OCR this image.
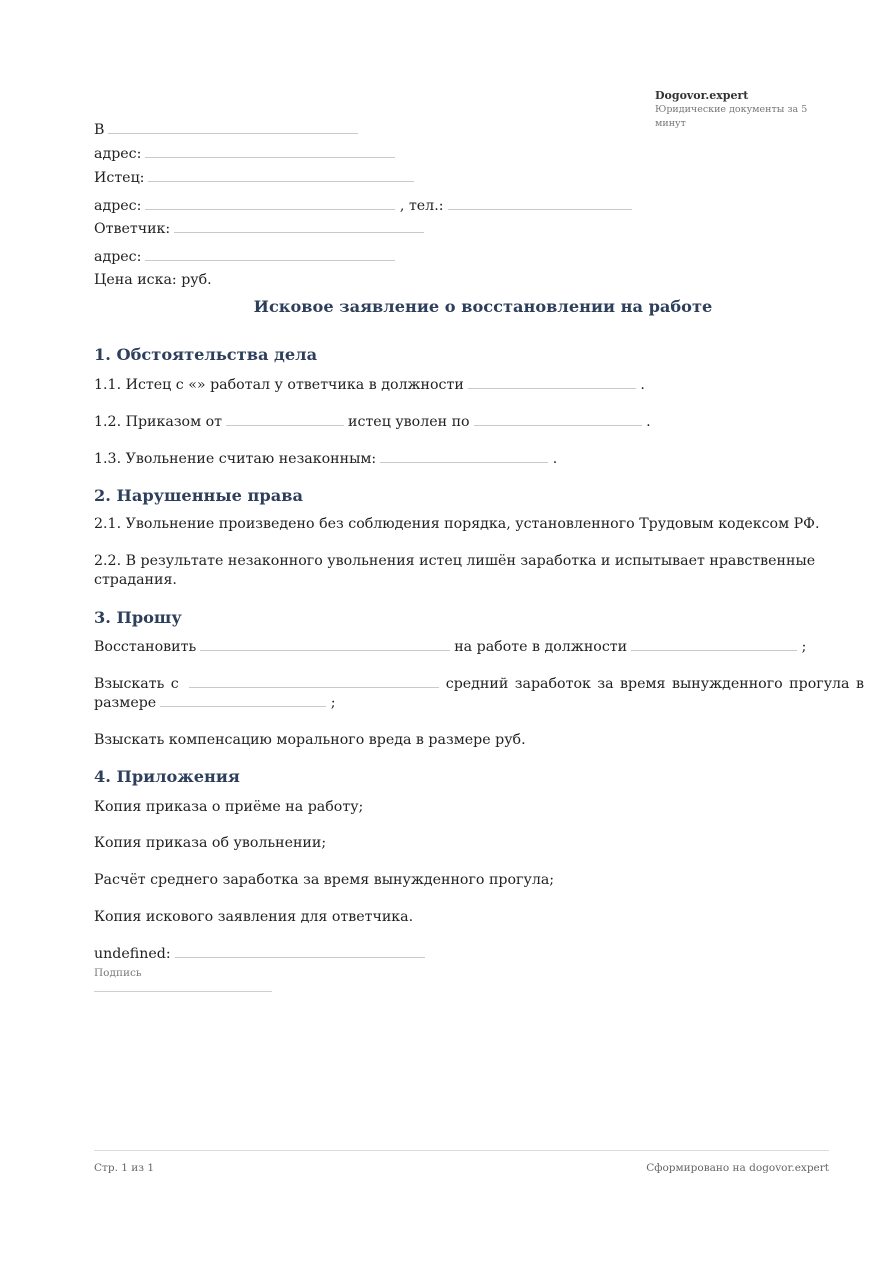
Dogovor.expert
Юридические документы за 5 минут
В
адрес:
Истец:
адрес:	, тел.:
Ответчик:
адрес:
Цена иска: руб.
Исковое заявление о восстановлении на работе
1. Обстоятельства дела
1.1. Истец с «» работал у ответчика в должности	.
1.2. Приказом от	истец уволен по	.
1.3. Увольнение считаю незаконным:	.
2. Нарушенные права
2.1. Увольнение произведено без соблюдения порядка, установленного Трудовым кодексом РФ.
2.2. В результате незаконного увольнения истец лишён заработка и испытывает нравственные страдания.
3. Прошу
Восстановить	на работе в должности	;
Взыскать с	средний заработок за время вынужденного прогула в
размере	;
Взыскать компенсацию морального вреда в размере руб.
4. Приложения
Копия приказа о приёме на работу;
Копия приказа об увольнении;
Расчёт среднего заработка за время вынужденного прогула;
Копия искового заявления для ответчика.
undefined:
Подпись
Стр. 1 из 1	Сформировано на dogovor.expert
